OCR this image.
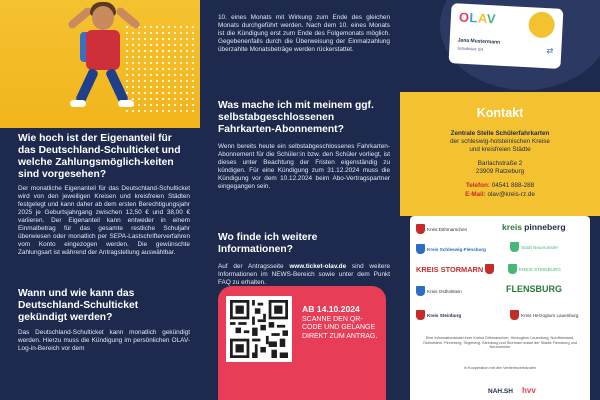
Wie hoch ist der Eigenanteil für das Deutschland-Schulticket und welche Zahlungsmöglich-keiten sind vorgesehen?
Der monatliche Eigenanteil für das Deutschland-Schulticket wird von den jeweiligen Kreisen und kreisfreien Städten festgelegt und kann daher ab dem ersten Berechtigungsjahr 2025 je Geburtsjahrgang zwischen 12,50 € und 38,00 € variieren. Der Eigenanteil kann entweder in einem Einmalbetrag für das gesamte restliche Schuljahr überwiesen oder monatlich per SEPA-Lastschrifterverfahren vom Konto eingezogen werden. Die gewünschte Zahlungsart ist während der Antragstellung auswählbar.
Wann und wie kann das Deutschland-Schulticket gekündigt werden?
Das Deutschland-Schulticket kann monatlich gekündigt werden. Hierzu muss die Kündigung im persönlichen OLAV-Log-in-Bereich vor dem
10. eines Monats mit Wirkung zum Ende des gleichen Monats durchgeführt werden. Nach dem 10. eines Monats ist die Kündigung erst zum Ende des Folgemonats möglich. Gegebenenfalls durch die Überweisung der Einmalzahlung überzahlte Monatsbeträge werden rückerstattet.
Was mache ich mit meinem ggf. selbstabgeschlossenen Fahrkarten-Abonnement?
Wenn bereits heute ein selbstabgeschlossenes Fahrkarten-Abonnement für die Schüler:in bzw. den Schüler vorliegt, ist dieses unter Beachtung der Fristen eigenständig zu kündigen. Für eine Kündigung zum 31.12.2024 muss die Kündigung vor dem 10.12.2024 beim Abo-Vertragspartner eingegangen sein.
Wo finde ich weitere Informationen?
Auf der Antragsseite www.ticket-olav.de sind weitere Informationen im NEWS-Bereich sowie unter dem Punkt FAQ zu erhalten.
AB 14.10.2024
SCANNE DEN QR-CODE UND GELANGE DIREKT ZUM ANTRAG.
OLAV
Jana Mustermann
Schulticket SH	⇄
Kontakt
Zentrale Stelle Schülerfahrkarten
der schleswig-holsteinischen Kreise
und kreisfreien Städte
Barlachstraße 2
23909 Ratzeburg
Telefon: 04541 888-288
E-Mail: olav@kreis-rz.de
Kreis Dithmarschen	kreis pinneberg
Kreis Schleswig-Flensburg	Stadt Neumünster
KREIS STORMARN	KREIS STEINBURG
Kreis Ostholstein	FLENSBURG
Kreis Steinburg	Kreis Herzogtum Lauenburg
Eine Informationsdatei ihrer Kreise Dithmarschen, Herzogtum Lauenburg, Nordfriesland, Ostholstein, Pinneberg, Segeberg, Steinburg und Stormarn sowie der Städte Flensburg und Neumünster
in Kooperation mit den Verkehrsverbänden
NAH.SH hvv
